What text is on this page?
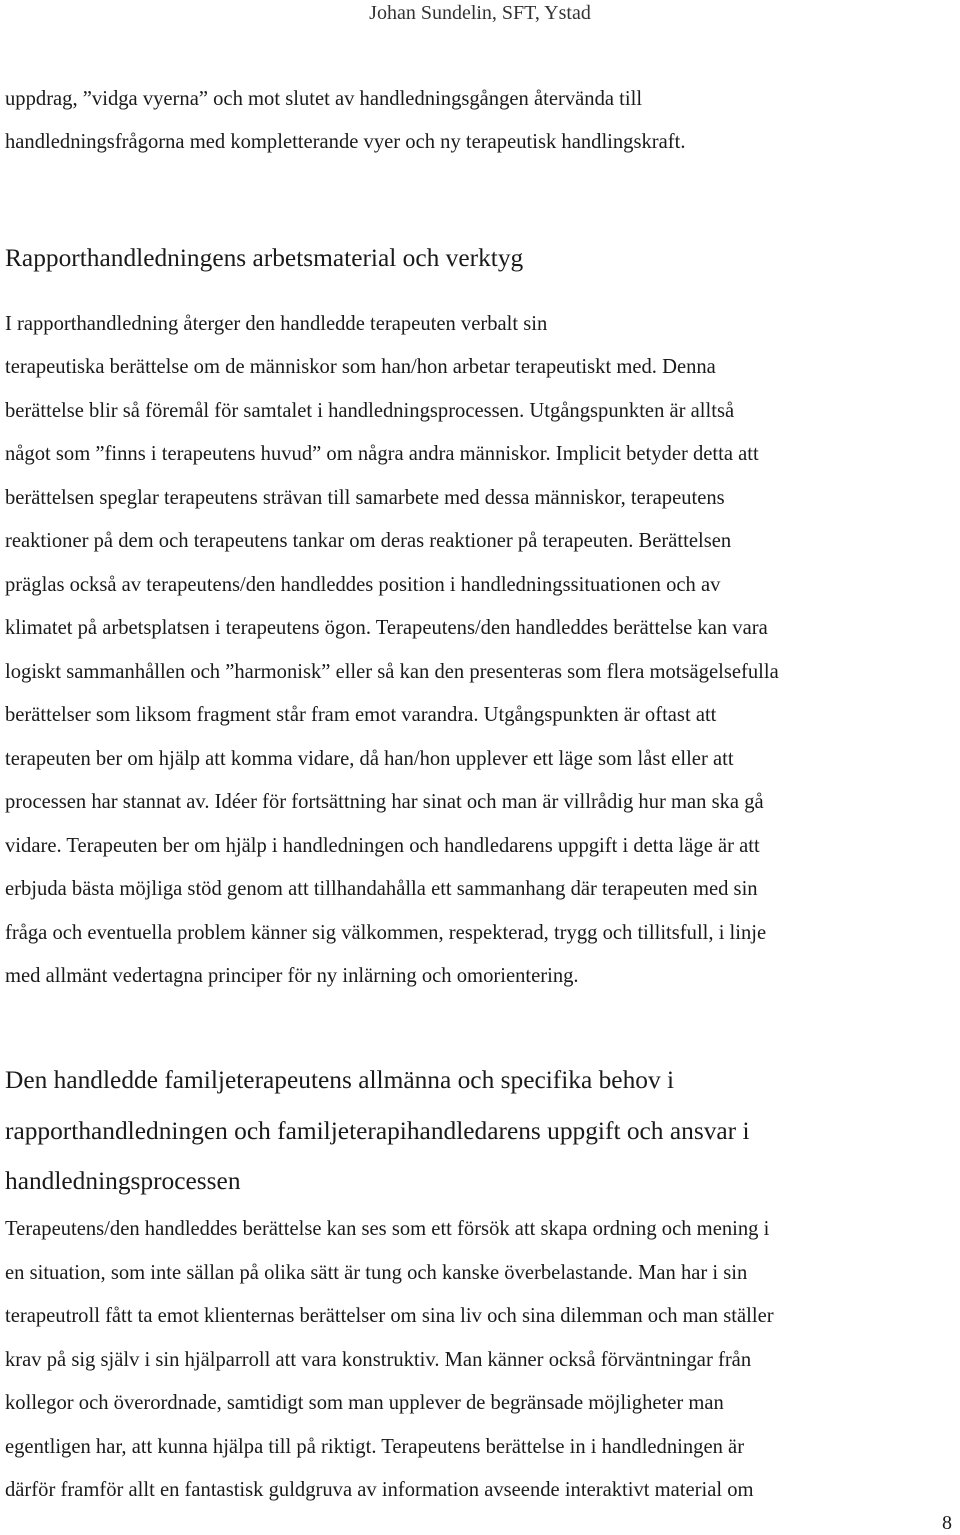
Johan Sundelin, SFT, Ystad

uppdrag, ”vidga vyerna” och mot slutet av handledningsgången återvända till

handledningsfrågorna med kompletterande vyer och ny terapeutisk handlingskraft.

Rapporthandledningens arbetsmaterial och verktyg

I rapporthandledning återger den handledde terapeuten verbalt sin

terapeutiska berättelse om de människor som han/hon arbetar terapeutiskt med. Denna

berättelse blir så föremål för samtalet i handledningsprocessen. Utgångspunkten är alltså

något som ”finns i terapeutens huvud” om några andra människor. Implicit betyder detta att

berättelsen speglar terapeutens strävan till samarbete med dessa människor, terapeutens

reaktioner på dem och terapeutens tankar om deras reaktioner på terapeuten. Berättelsen

präglas också av terapeutens/den handleddes position i handledningssituationen och av

klimatet på arbetsplatsen i terapeutens ögon. Terapeutens/den handleddes berättelse kan vara

logiskt sammanhållen och ”harmonisk” eller så kan den presenteras som flera motsägelsefulla

berättelser som liksom fragment står fram emot varandra. Utgångspunkten är oftast att

terapeuten ber om hjälp att komma vidare, då han/hon upplever ett läge som låst eller att

processen har stannat av. Idéer för fortsättning har sinat och man är villrådig hur man ska gå

vidare. Terapeuten ber om hjälp i handledningen och handledarens uppgift i detta läge är att

erbjuda bästa möjliga stöd genom att tillhandahålla ett sammanhang där terapeuten med sin

fråga och eventuella problem känner sig välkommen, respekterad, trygg och tillitsfull, i linje

med allmänt vedertagna principer för ny inlärning och omorientering.

Den handledde familjeterapeutens allmänna och specifika behov i

rapporthandledningen och familjeterapihandledarens uppgift och ansvar i

handledningsprocessen

Terapeutens/den handleddes berättelse kan ses som ett försök att skapa ordning och mening i

en situation, som inte sällan på olika sätt är tung och kanske överbelastande. Man har i sin

terapeutroll fått ta emot klienternas berättelser om sina liv och sina dilemman och man ställer

krav på sig själv i sin hjälparroll att vara konstruktiv. Man känner också förväntningar från

kollegor och överordnade, samtidigt som man upplever de begränsade möjligheter man

egentligen har, att kunna hjälpa till på riktigt. Terapeutens berättelse in i handledningen är

därför framför allt en fantastisk guldgruva av information avseende interaktivt material om

8
